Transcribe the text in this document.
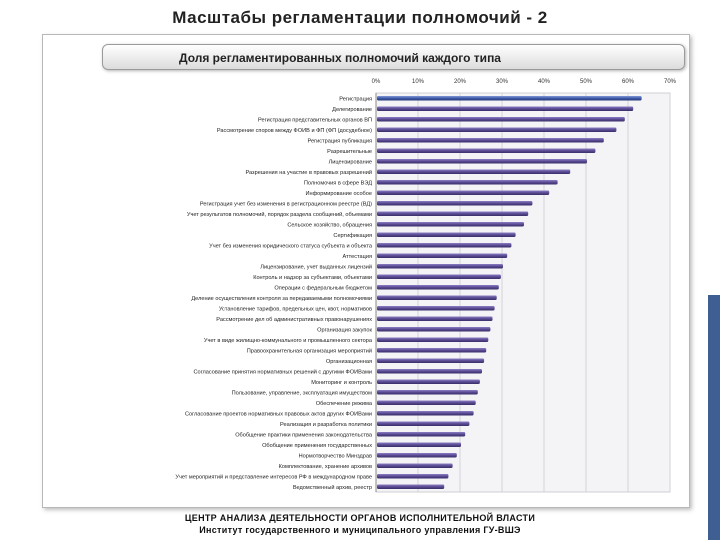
Масштабы регламентации полномочий - 2
Доля регламентированных полномочий каждого типа
0%	10%	20%	30%	40%	50%	60%	70%
Регистрация
Делегирование
Регистрация представительных органов ВП
Рассмотрение споров между ФОИВ и ФП (ФП (досудебное)
Регистрация публикация
Разрешительные
Лицензирование
Разрешения на участие в правовых разрешений
Полномочия в сфере ВЭД
Информирование особое
Регистрация учет без изменения в регистрационном реестре (ВД)
Учет результатов полномочий, порядок раздела сообщений, объемами
Сельское хозяйство, обращения
Сертификация
Учет без изменения юридического статуса субъекта и объекта
Аттестация
Лицензирование, учет выданных лицензий
Контроль и надзор за субъектами, объектами
Операции с федеральным бюджетом
Деление осуществления контроля за передаваемыми полномочиями
Установление тарифов, предельных цен, квот, нормативов
Рассмотрение дел об административных правонарушениях
Организация закупок
Учет в виде жилищно-коммунального и промышленного сектора
Правоохранительная организация мероприятий
Организационная
Согласование принятия нормативных решений с другими ФОИВами
Мониторинг и контроль
Пользование, управление, эксплуатация имуществом
Обеспечение режима
Согласование проектов нормативных правовых актов других ФОИВами
Реализация и разработка политики
Обобщение практики применения законодательства
Обобщение применения государственных
Нормотворчество Минздрав
Комплектование, хранение архивов
Учет мероприятий и представление интересов РФ в международном праве
Ведомственный архив, реестр
ЦЕНТР АНАЛИЗА ДЕЯТЕЛЬНОСТИ ОРГАНОВ ИСПОЛНИТЕЛЬНОЙ ВЛАСТИ
Институт государственного и муниципального управления ГУ-ВШЭ
